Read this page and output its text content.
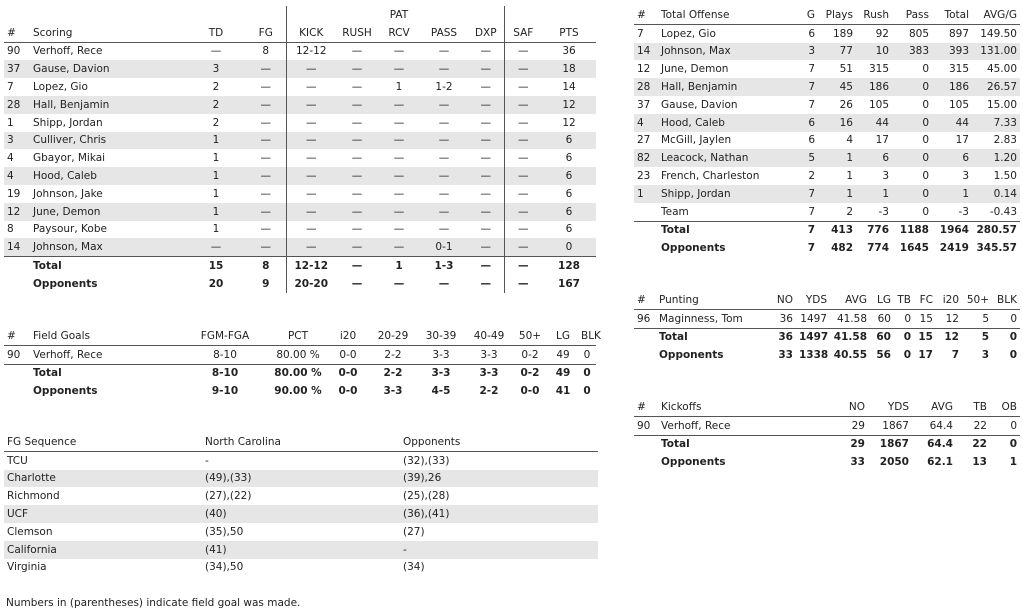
						PAT				
#	Scoring	TD	FG	KICK	RUSH	RCV	PASS	DXP	SAF	PTS
90	Verhoff, Rece	—	8	12-12	—	—	—	—	—	36
37	Gause, Davion	3	—	—	—	—	—	—	—	18
7	Lopez, Gio	2	—	—	—	1	1-2	—	—	14
28	Hall, Benjamin	2	—	—	—	—	—	—	—	12
1	Shipp, Jordan	2	—	—	—	—	—	—	—	12
3	Culliver, Chris	1	—	—	—	—	—	—	—	6
4	Gbayor, Mikai	1	—	—	—	—	—	—	—	6
4	Hood, Caleb	1	—	—	—	—	—	—	—	6
19	Johnson, Jake	1	—	—	—	—	—	—	—	6
12	June, Demon	1	—	—	—	—	—	—	—	6
8	Paysour, Kobe	1	—	—	—	—	—	—	—	6
14	Johnson, Max	—	—	—	—	—	0-1	—	—	0
	Total	15	8	12-12	—	1	1-3	—	—	128
	Opponents	20	9	20-20	—	—	—	—	—	167
#	Field Goals	FGM-FGA	PCT	i20	20-29	30-39	40-49	50+	LG	BLK
90	Verhoff, Rece	8-10	80.00 %	0-0	2-2	3-3	3-3	0-2	49	0
	Total	8-10	80.00 %	0-0	2-2	3-3	3-3	0-2	49	0
	Opponents	9-10	90.00 %	0-0	3-3	4-5	2-2	0-0	41	0
FG Sequence	North Carolina	Opponents
TCU	-	(32),(33)
Charlotte	(49),(33)	(39),26
Richmond	(27),(22)	(25),(28)
UCF	(40)	(36),(41)
Clemson	(35),50	(27)
California	(41)	-
Virginia	(34),50	(34)
Numbers in (parentheses) indicate field goal was made.
#	Total Offense	G	Plays	Rush	Pass	Total	AVG/G
7	Lopez, Gio	6	189	92	805	897	149.50
14	Johnson, Max	3	77	10	383	393	131.00
12	June, Demon	7	51	315	0	315	45.00
28	Hall, Benjamin	7	45	186	0	186	26.57
37	Gause, Davion	7	26	105	0	105	15.00
4	Hood, Caleb	6	16	44	0	44	7.33
27	McGill, Jaylen	6	4	17	0	17	2.83
82	Leacock, Nathan	5	1	6	0	6	1.20
23	French, Charleston	2	1	3	0	3	1.50
1	Shipp, Jordan	7	1	1	0	1	0.14
	Team	7	2	-3	0	-3	-0.43
	Total	7	413	776	1188	1964	280.57
	Opponents	7	482	774	1645	2419	345.57
#	Punting	NO	YDS	AVG	LG	TB	FC	i20	50+	BLK
96	Maginness, Tom	36	1497	41.58	60	0	15	12	5	0
	Total	36	1497	41.58	60	0	15	12	5	0
	Opponents	33	1338	40.55	56	0	17	7	3	0
#	Kickoffs	NO	YDS	AVG	TB	OB
90	Verhoff, Rece	29	1867	64.4	22	0
	Total	29	1867	64.4	22	0
	Opponents	33	2050	62.1	13	1
